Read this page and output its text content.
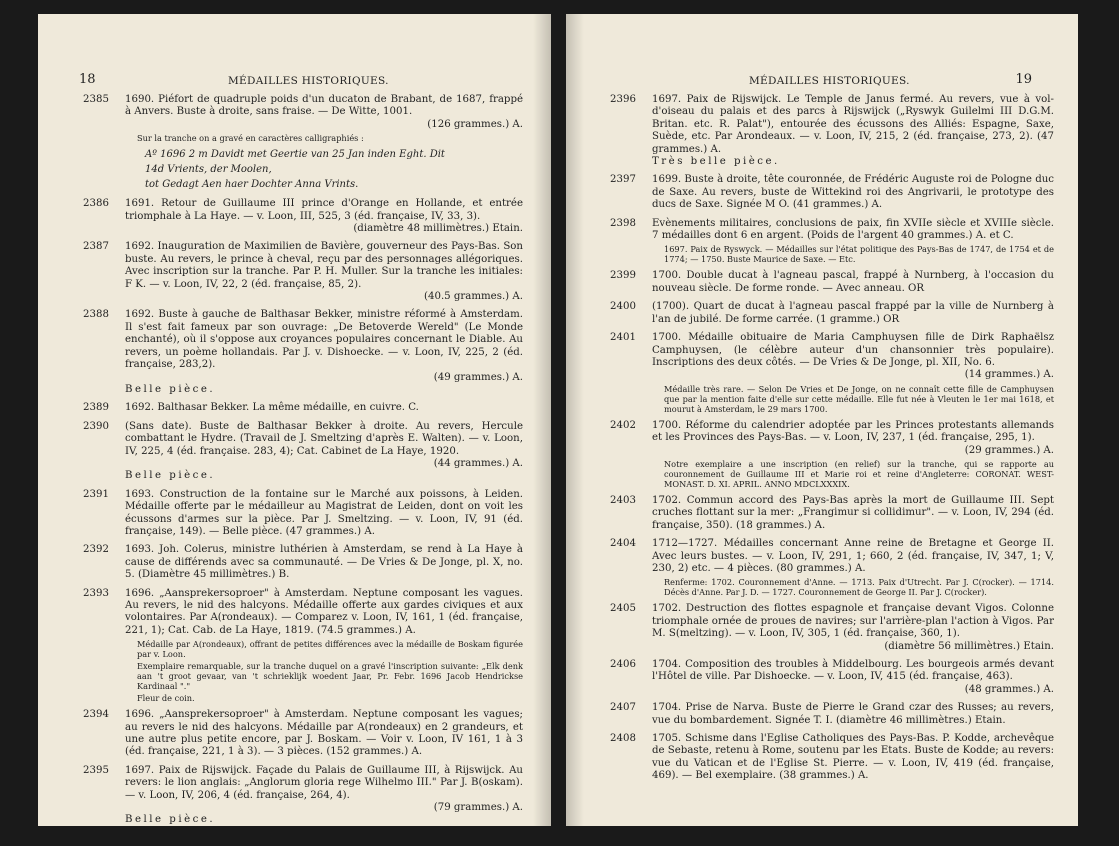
18	MÉDAILLES HISTORIQUES.
2385 1690. Piéfort de quadruple poids d'un ducaton de Brabant, de 1687, frappé à Anvers. Buste à droite, sans fraise. — De Witte, 1001.

(126 grammes.) A.

Sur la tranche on a gravé en caractères calligraphiés :

Aº 1696 2 m Davidt met Geertie van 25 Jan inden Eght. Dit
14d Vrients, der Moolen,
tot Gedagt Aen haer Dochter Anna Vrints.
2386 1691. Retour de Guillaume III prince d'Orange en Hollande, et entrée triomphale à La Haye. — v. Loon, III, 525, 3 (éd. française, IV, 33, 3).

(diamètre 48 millimètres.) Etain.

2387 1692. Inauguration de Maximilien de Bavière, gouverneur des Pays-Bas. Son buste. Au revers, le prince à cheval, reçu par des personnages allégoriques. Avec inscription sur la tranche. Par P. H. Muller. Sur la tranche les initiales: F K. — v. Loon, IV, 22, 2 (éd. française, 85, 2).

(40.5 grammes.) A.

2388 1692. Buste à gauche de Balthasar Bekker, ministre réformé à Amsterdam. Il s'est fait fameux par son ouvrage: „De Betoverde Wereld" (Le Monde enchanté), où il s'oppose aux croyances populaires concernant le Diable. Au revers, un poème hollandais. Par J. v. Dishoecke. — v. Loon, IV, 225, 2 (éd. française, 283,2).

(49 grammes.) A.

Belle pièce.

2389 1692. Balthasar Bekker. La même médaille, en cuivre. C.

2390 (Sans date). Buste de Balthasar Bekker à droite. Au revers, Hercule combattant le Hydre. (Travail de J. Smeltzing d'après E. Walten). — v. Loon, IV, 225, 4 (éd. française. 283, 4); Cat. Cabinet de La Haye, 1920.

(44 grammes.) A.

Belle pièce.

2391 1693. Construction de la fontaine sur le Marché aux poissons, à Leiden. Médaille offerte par le médailleur au Magistrat de Leiden, dont on voit les écussons d'armes sur la pièce. Par J. Smeltzing. — v. Loon, IV, 91 (éd. française, 149). — Belle pièce. (47 grammes.) A.

2392 1693. Joh. Colerus, ministre luthérien à Amsterdam, se rend à La Haye à cause de différends avec sa communauté. — De Vries & De Jonge, pl. X, no. 5. (Diamètre 45 millimètres.) B.

2393 1696. „Aansprekersoproer" à Amsterdam. Neptune composant les vagues. Au revers, le nid des halcyons. Médaille offerte aux gardes civiques et aux volontaires. Par A(rondeaux). — Comparez v. Loon, IV, 161, 1 (éd. française, 221, 1); Cat. Cab. de La Haye, 1819. (74.5 grammes.) A.

Médaille par A(rondeaux), offrant de petites différences avec la médaille de Boskam figurée par v. Loon.

Exemplaire remarquable, sur la tranche duquel on a gravé l'inscription suivante: „Elk denk aan 't groot gevaar, van 't schrieklijk woedent Jaar, Pr. Febr. 1696 Jacob Hendrickse Kardinaal "."

Fleur de coin.

2394 1696. „Aansprekersoproer" à Amsterdam. Neptune composant les vagues; au revers le nid des halcyons. Médaille par A(rondeaux) en 2 grandeurs, et une autre plus petite encore, par J. Boskam. — Voir v. Loon, IV 161, 1 à 3 (éd. française, 221, 1 à 3). — 3 pièces. (152 grammes.) A.

2395 1697. Paix de Rijswijck. Façade du Palais de Guillaume III, à Rijswijck. Au revers: le lion anglais: „Anglorum gloria rege Wilhelmo III." Par J. B(oskam). — v. Loon, IV, 206, 4 (éd. française, 264, 4).

(79 grammes.) A.

Belle pièce.

MÉDAILLES HISTORIQUES.	19
2396 1697. Paix de Rijswijck. Le Temple de Janus fermé. Au revers, vue à vol-d'oiseau du palais et des parcs à Rijswijck („Ryswyk Guilelmi III D.G.M. Britan. etc. R. Palat"), entourée des écussons des Alliés: Espagne, Saxe, Suède, etc. Par Arondeaux. — v. Loon, IV, 215, 2 (éd. française, 273, 2). (47 grammes.) A.

Très belle pièce.

2397 1699. Buste à droite, tête couronnée, de Frédéric Auguste roi de Pologne duc de Saxe. Au revers, buste de Wittekind roi des Angrivarii, le prototype des ducs de Saxe. Signée M O. (41 grammes.) A.

2398 Evènements militaires, conclusions de paix, fin XVIIe siècle et XVIIIe siècle. 7 médailles dont 6 en argent. (Poids de l'argent 40 grammes.) A. et C.

1697. Paix de Ryswyck. — Médailles sur l'état politique des Pays-Bas de 1747, de 1754 et de 1774; — 1750. Buste Maurice de Saxe. — Etc.

2399 1700. Double ducat à l'agneau pascal, frappé à Nurnberg, à l'occasion du nouveau siècle. De forme ronde. — Avec anneau. OR

2400 (1700). Quart de ducat à l'agneau pascal frappé par la ville de Nurnberg à l'an de jubilé. De forme carrée. (1 gramme.) OR

2401 1700. Médaille obituaire de Maria Camphuysen fille de Dirk Raphaëlsz Camphuysen, (le célèbre auteur d'un chansonnier très populaire). Inscriptions des deux côtés. — De Vries & De Jonge, pl. XII, No. 6.

(14 grammes.) A.

Médaille très rare. — Selon De Vries et De Jonge, on ne connaît cette fille de Camphuysen que par la mention faite d'elle sur cette médaille. Elle fut née à Vleuten le 1er mai 1618, et mourut à Amsterdam, le 29 mars 1700.

2402 1700. Réforme du calendrier adoptée par les Princes protestants allemands et les Provinces des Pays-Bas. — v. Loon, IV, 237, 1 (éd. française, 295, 1).

(29 grammes.) A.

Notre exemplaire a une inscription (en relief) sur la tranche, qui se rapporte au couronnement de Guillaume III et Marie roi et reine d'Angleterre: CORONAT. WEST-MONAST. D. XI. APRIL. ANNO MDCLXXXIX.

2403 1702. Commun accord des Pays-Bas après la mort de Guillaume III. Sept cruches flottant sur la mer: „Frangimur si collidimur". — v. Loon, IV, 294 (éd. française, 350). (18 grammes.) A.

2404 1712—1727. Médailles concernant Anne reine de Bretagne et George II. Avec leurs bustes. — v. Loon, IV, 291, 1; 660, 2 (éd. française, IV, 347, 1; V, 230, 2) etc. — 4 pièces. (80 grammes.) A.

Renferme: 1702. Couronnement d'Anne. — 1713. Paix d'Utrecht. Par J. C(rocker). — 1714. Décès d'Anne. Par J. D. — 1727. Couronnement de George II. Par J. C(rocker).

2405 1702. Destruction des flottes espagnole et française devant Vigos. Colonne triomphale ornée de proues de navires; sur l'arrière-plan l'action à Vigos. Par M. S(meltzing). — v. Loon, IV, 305, 1 (éd. française, 360, 1).

(diamètre 56 millimètres.) Etain.

2406 1704. Composition des troubles à Middelbourg. Les bourgeois armés devant l'Hôtel de ville. Par Dishoecke. — v. Loon, IV, 415 (éd. française, 463).

(48 grammes.) A.

2407 1704. Prise de Narva. Buste de Pierre le Grand czar des Russes; au revers, vue du bombardement. Signée T. I. (diamètre 46 millimètres.) Etain.

2408 1705. Schisme dans l'Eglise Catholiques des Pays-Bas. P. Kodde, archevêque de Sebaste, retenu à Rome, soutenu par les Etats. Buste de Kodde; au revers: vue du Vatican et de l'Eglise St. Pierre. — v. Loon, IV, 419 (éd. française, 469). — Bel exemplaire. (38 grammes.) A.
